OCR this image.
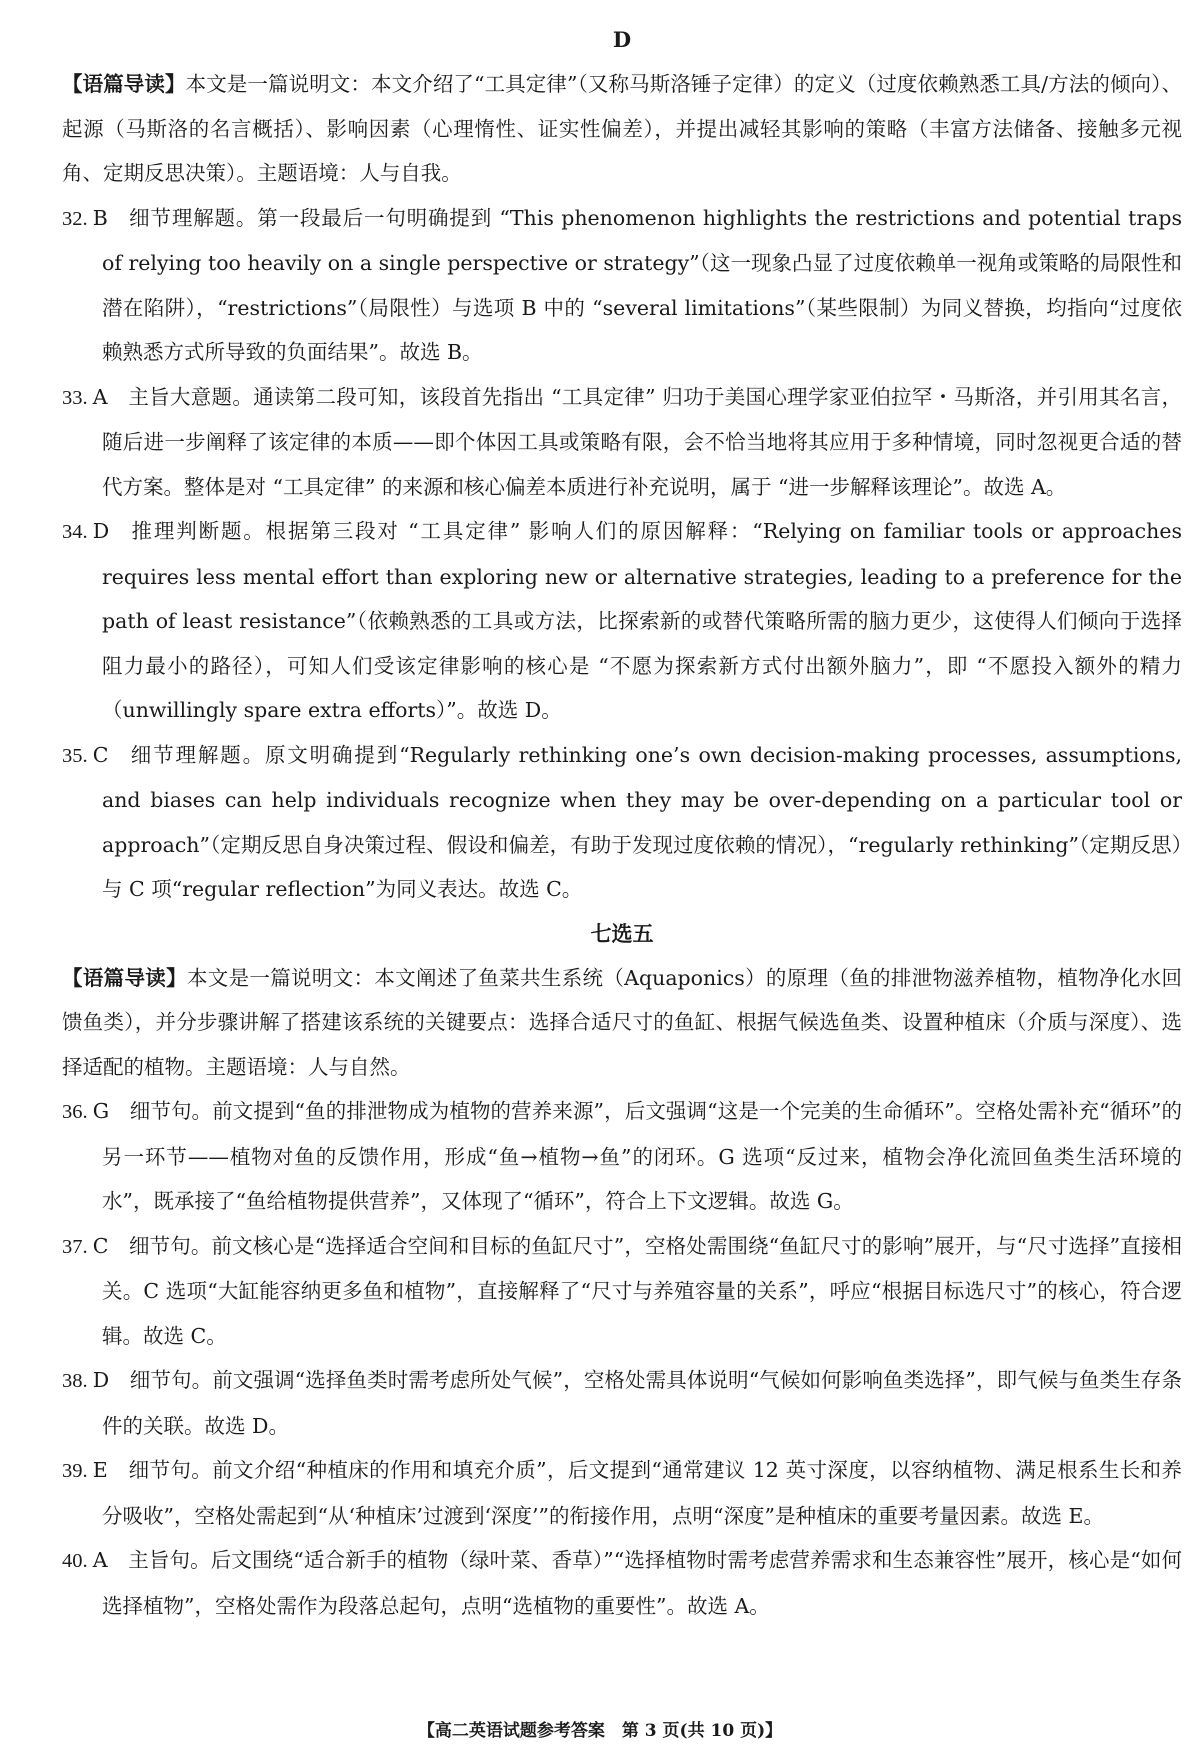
D

【语篇导读】本文是一篇说明文：本文介绍了“工具定律”（又称马斯洛锤子定律）的定义（过度依赖熟悉工具/方法的倾向）、起源（马斯洛的名言概括）、影响因素（心理惰性、证实性偏差），并提出减轻其影响的策略（丰富方法储备、接触多元视角、定期反思决策）。主题语境：人与自我。

32.  B  细节理解题。第一段最后一句明确提到 “This phenomenon highlights the restrictions and potential traps of relying too heavily on a single perspective or strategy”（这一现象凸显了过度依赖单一视角或策略的局限性和潜在陷阱），“restrictions”（局限性）与选项 B 中的 “several limitations”（某些限制）为同义替换，均指向“过度依赖熟悉方式所导致的负面结果”。故选 B。

33.  A  主旨大意题。通读第二段可知，该段首先指出 “工具定律” 归功于美国心理学家亚伯拉罕・马斯洛，并引用其名言，随后进一步阐释了该定律的本质——即个体因工具或策略有限，会不恰当地将其应用于多种情境，同时忽视更合适的替代方案。整体是对 “工具定律” 的来源和核心偏差本质进行补充说明，属于 “进一步解释该理论”。故选 A。

34.  D  推理判断题。根据第三段对 “工具定律” 影响人们的原因解释：“Relying on familiar tools or approaches requires less mental effort than exploring new or alternative strategies, leading to a preference for the path of least resistance”（依赖熟悉的工具或方法，比探索新的或替代策略所需的脑力更少，这使得人们倾向于选择阻力最小的路径），可知人们受该定律影响的核心是 “不愿为探索新方式付出额外脑力”，即 “不愿投入额外的精力（unwillingly spare extra efforts）”。故选 D。

35.  C  细节理解题。原文明确提到“Regularly rethinking one’s own decision-making processes, assumptions, and biases can help individuals recognize when they may be over-depending on a particular tool or approach”（定期反思自身决策过程、假设和偏差，有助于发现过度依赖的情况），“regularly rethinking”（定期反思）与 C 项“regular reflection”为同义表达。故选 C。

七选五

【语篇导读】本文是一篇说明文：本文阐述了鱼菜共生系统（Aquaponics）的原理（鱼的排泄物滋养植物，植物净化水回馈鱼类），并分步骤讲解了搭建该系统的关键要点：选择合适尺寸的鱼缸、根据气候选鱼类、设置种植床（介质与深度）、选择适配的植物。主题语境：人与自然。

36.  G  细节句。前文提到“鱼的排泄物成为植物的营养来源”，后文强调“这是一个完美的生命循环”。空格处需补充“循环”的另一环节——植物对鱼的反馈作用，形成“鱼→植物→鱼”的闭环。G 选项“反过来，植物会净化流回鱼类生活环境的水”，既承接了“鱼给植物提供营养”，又体现了“循环”，符合上下文逻辑。故选 G。

37.  C  细节句。前文核心是“选择适合空间和目标的鱼缸尺寸”，空格处需围绕“鱼缸尺寸的影响”展开，与“尺寸选择”直接相关。C 选项“大缸能容纳更多鱼和植物”，直接解释了“尺寸与养殖容量的关系”，呼应“根据目标选尺寸”的核心，符合逻辑。故选 C。

38.  D  细节句。前文强调“选择鱼类时需考虑所处气候”，空格处需具体说明“气候如何影响鱼类选择”，即气候与鱼类生存条件的关联。故选 D。

39.  E  细节句。前文介绍“种植床的作用和填充介质”，后文提到“通常建议 12 英寸深度，以容纳植物、满足根系生长和养分吸收”，空格处需起到“从‘种植床’过渡到‘深度’”的衔接作用，点明“深度”是种植床的重要考量因素。故选 E。

40.  A  主旨句。后文围绕“适合新手的植物（绿叶菜、香草）”“选择植物时需考虑营养需求和生态兼容性”展开，核心是“如何选择植物”，空格处需作为段落总起句，点明“选植物的重要性”。故选 A。

【高二英语试题参考答案　第 3 页(共 10 页)】
